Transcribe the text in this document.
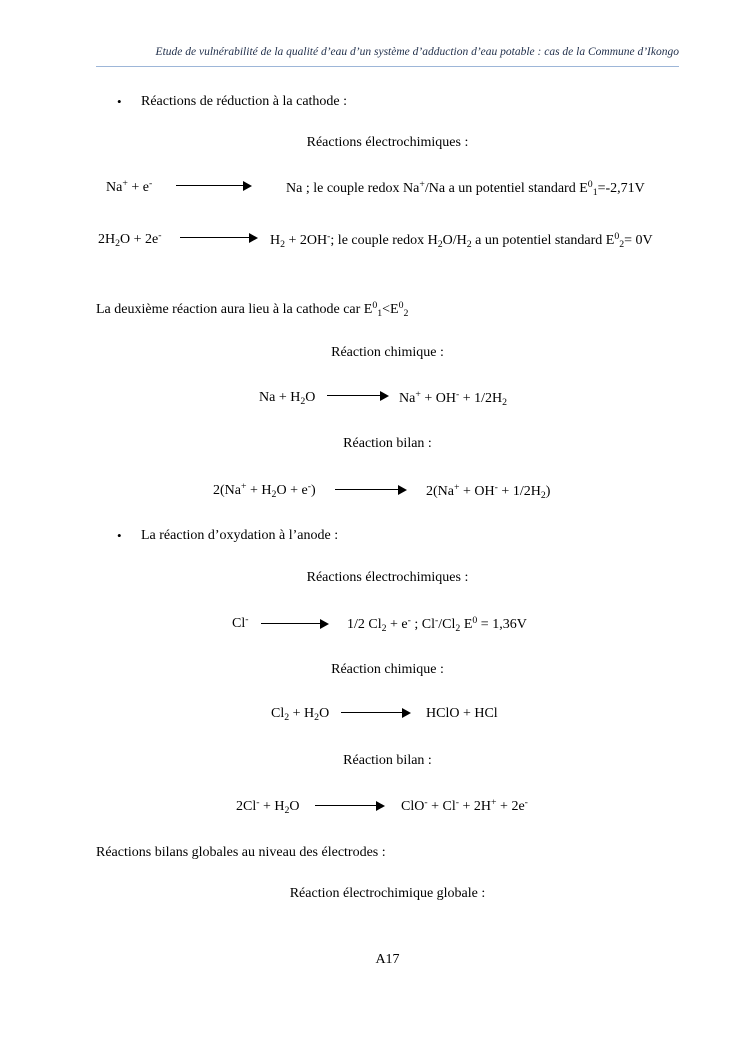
Etude de vulnérabilité de la qualité d’eau d’un système d’adduction d’eau potable : cas de la Commune d’Ikongo
• Réactions de réduction à la cathode :
Réactions électrochimiques :
Na+ + e-	Na ; le couple redox Na+/Na a un potentiel standard $E^0_1=-2,71V$
$2H_2O + 2e^-$	$H_2 + 2OH^-$; le couple redox $H_2O/H_2$ a un potentiel standard $E^0_2= 0V$
La deuxième réaction aura lieu à la cathode car $E^0_1<E^0_2$
Réaction chimique :
$Na + H_2O$	$Na^+ + OH^- + 1/2H_2$
Réaction bilan :
$2(Na^+ + H_2O + e^-)$	$2(Na^+ + OH^- + 1/2H_2)$
• La réaction d’oxydation à l’anode :
Réactions électrochimiques :
Cl-	1/2 $Cl_2 + e^-$ ; $Cl^-/Cl_2$ $E^0 = 1,36V$
Réaction chimique :
$Cl_2 + H_2O$	HClO + HCl
Réaction bilan :
$2Cl^- + H_2O$	ClO- + Cl- + 2H+ + 2e-
Réactions bilans globales au niveau des électrodes :
Réaction électrochimique globale :
A17
